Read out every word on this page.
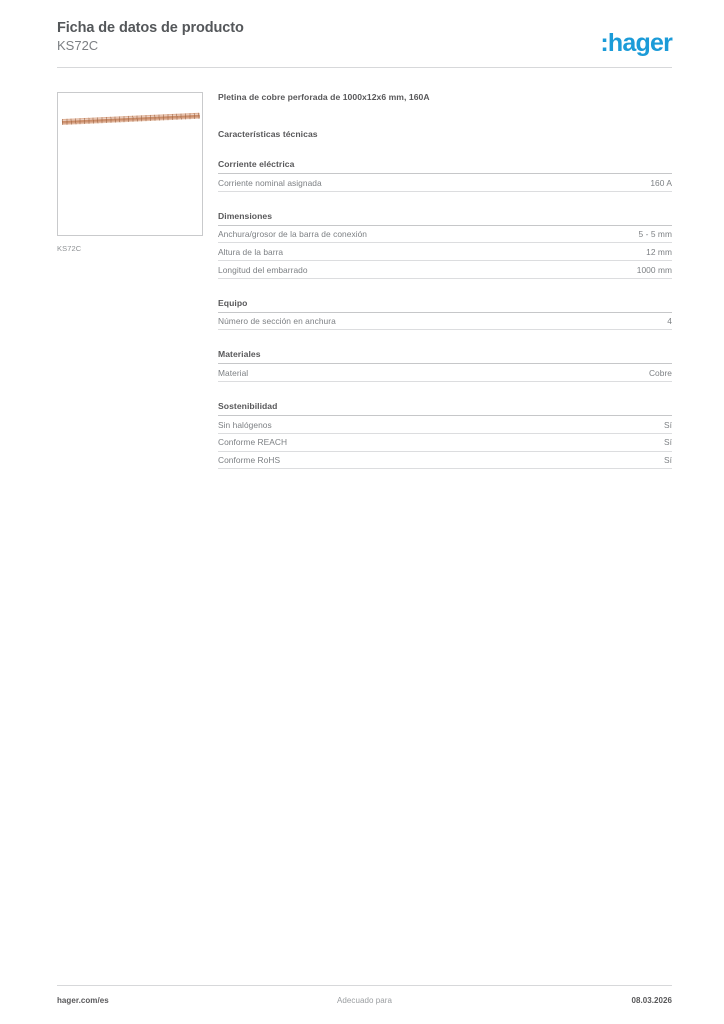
Ficha de datos de producto
KS72C	:hager
KS72C
Pletina de cobre perforada de 1000x12x6 mm, 160A
Características técnicas
Corriente eléctrica
Corriente nominal asignada	160 A
Dimensiones
Anchura/grosor de la barra de conexión	5 - 5 mm
Altura de la barra	12 mm
Longitud del embarrado	1000 mm
Equipo
Número de sección en anchura	4
Materiales
Material	Cobre
Sostenibilidad
Sin halógenos	Sí
Conforme REACH	Sí
Conforme RoHS	Sí
hager.com/es	Adecuado para	08.03.2026
